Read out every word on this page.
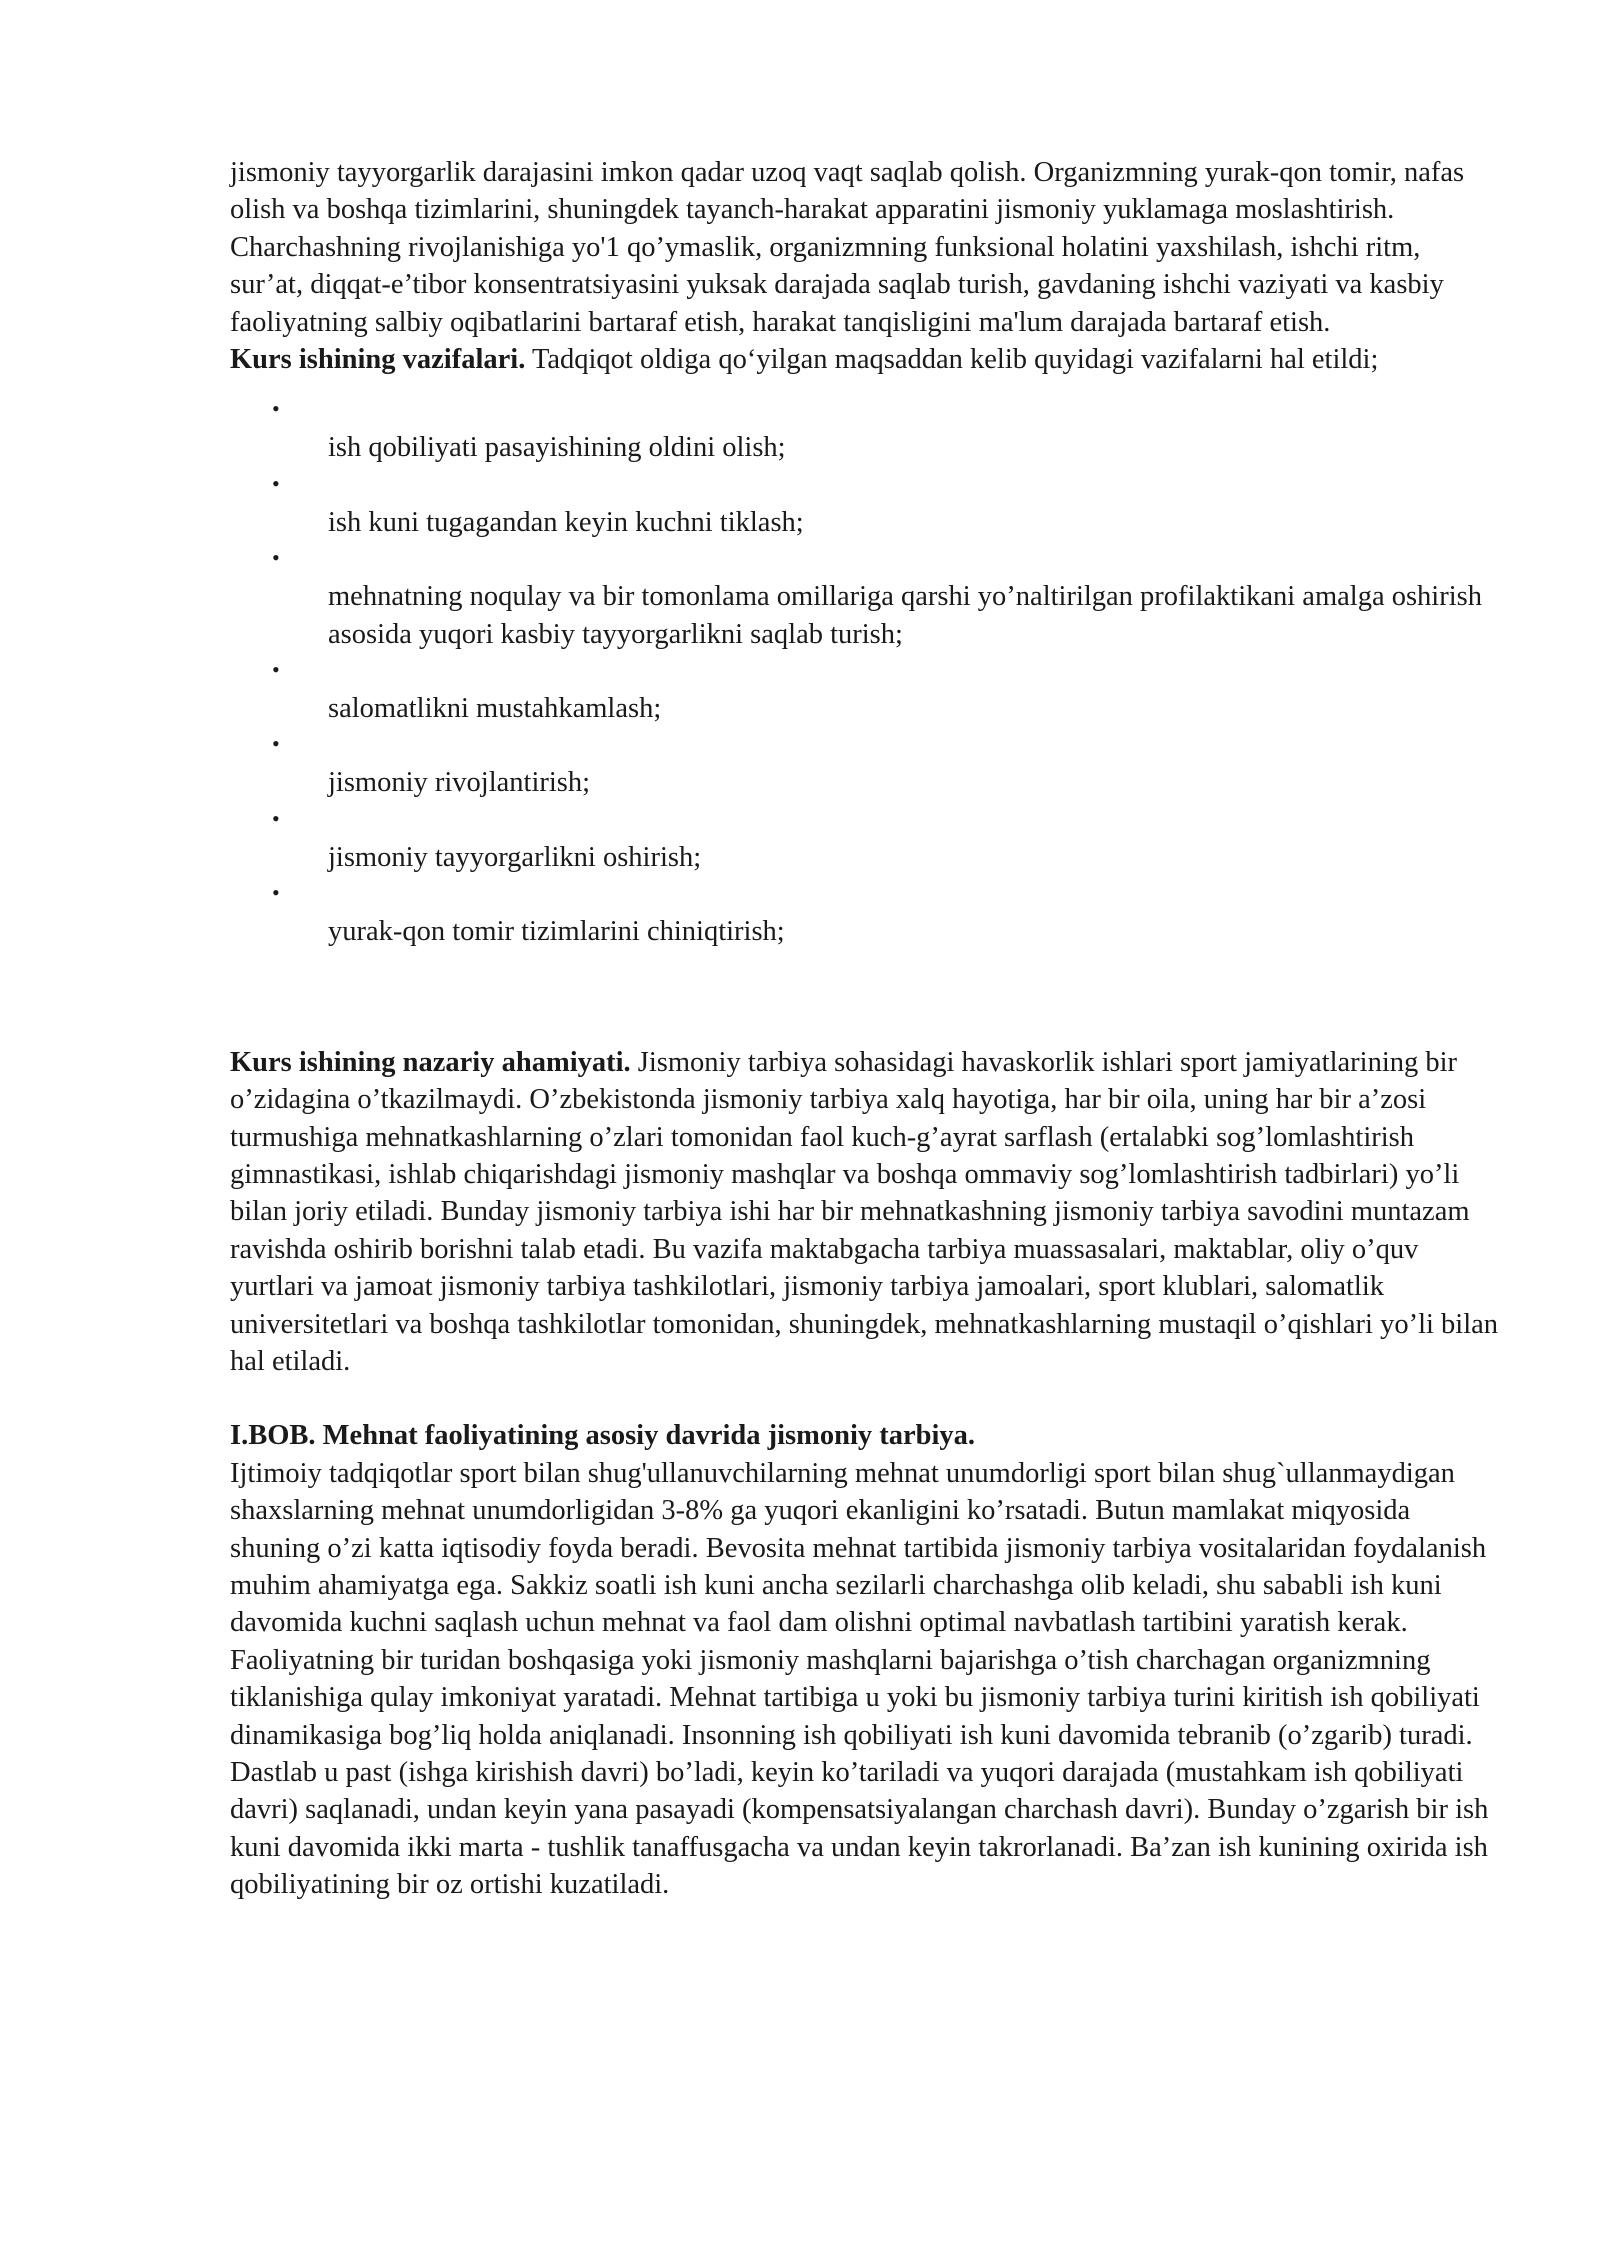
jismoniy tayyorgarlik darajasini imkon qadar uzoq vaqt saqlab qolish. Organizmning yurak-qon tomir, nafas olish va boshqa tizimlarini, shuningdek tayanch-harakat apparatini jismoniy yuklamaga moslashtirish. Charchashning rivojlanishiga yo'1 qo’ymaslik, organizmning funksional holatini yaxshilash, ishchi ritm, sur’at, diqqat-e’tibor konsentratsiyasini yuksak darajada saqlab turish, gavdaning ishchi vaziyati va kasbiy faoliyatning salbiy oqibatlarini bartaraf etish, harakat tanqisligini ma'lum darajada bartaraf etish.

Kurs ishining vazifalari. Tadqiqot oldiga qo‘yilgan maqsaddan kelib quyidagi vazifalarni hal etildi;

•
ish qobiliyati pasayishining oldini olish;
•
ish kuni tugagandan keyin kuchni tiklash;
•
mehnatning noqulay va bir tomonlama omillariga qarshi yo’naltirilgan profilaktikani amalga oshirish asosida yuqori kasbiy tayyorgarlikni saqlab turish;
•
salomatlikni mustahkamlash;
•
jismoniy rivojlantirish;
•
jismoniy tayyorgarlikni oshirish;
•
yurak-qon tomir tizimlarini chiniqtirish;

Kurs ishining nazariy ahamiyati. Jismoniy tarbiya sohasidagi havaskorlik ishlari sport jamiyatlarining bir o’zidagina o’tkazilmaydi. O’zbekistonda jismoniy tarbiya xalq hayotiga, har bir oila, uning har bir a’zosi turmushiga mehnatkashlarning o’zlari tomonidan faol kuch-g’ayrat sarflash (ertalabki sog’lomlashtirish gimnastikasi, ishlab chiqarishdagi jismoniy mashqlar va boshqa ommaviy sog’lomlashtirish tadbirlari) yo’li bilan joriy etiladi. Bunday jismoniy tarbiya ishi har bir mehnatkashning jismoniy tarbiya savodini muntazam ravishda oshirib borishni talab etadi. Bu vazifa maktabgacha tarbiya muassasalari, maktablar, oliy o’quv yurtlari va jamoat jismoniy tarbiya tashkilotlari, jismoniy tarbiya jamoalari, sport klublari, salomatlik universitetlari va boshqa tashkilotlar tomonidan, shuningdek, mehnatkashlarning mustaqil o’qishlari yo’li bilan hal etiladi.

I.BOB. Mehnat faoliyatining asosiy davrida jismoniy tarbiya.

Ijtimoiy tadqiqotlar sport bilan shug'ullanuvchilarning mehnat unumdorligi sport bilan shug`ullanmaydigan shaxslarning mehnat unumdorligidan 3-8% ga yuqori ekanligini ko’rsatadi. Butun mamlakat miqyosida shuning o’zi katta iqtisodiy foyda beradi. Bevosita mehnat tartibida jismoniy tarbiya vositalaridan foydalanish muhim ahamiyatga ega. Sakkiz soatli ish kuni ancha sezilarli charchashga olib keladi, shu sababli ish kuni davomida kuchni saqlash uchun mehnat va faol dam olishni optimal navbatlash tartibini yaratish kerak. Faoliyatning bir turidan boshqasiga yoki jismoniy mashqlarni bajarishga o’tish charchagan organizmning tiklanishiga qulay imkoniyat yaratadi. Mehnat tartibiga u yoki bu jismoniy tarbiya turini kiritish ish qobiliyati dinamikasiga bog’liq holda aniqlanadi. Insonning ish qobiliyati ish kuni davomida tebranib (o’zgarib) turadi. Dastlab u past (ishga kirishish davri) bo’ladi, keyin ko’tariladi va yuqori darajada (mustahkam ish qobiliyati davri) saqlanadi, undan keyin yana pasayadi (kompensatsiyalangan charchash davri). Bunday o’zgarish bir ish kuni davomida ikki marta - tushlik tanaffusgacha va undan keyin takrorlanadi. Ba’zan ish kunining oxirida ish qobiliyatining bir oz ortishi kuzatiladi.
